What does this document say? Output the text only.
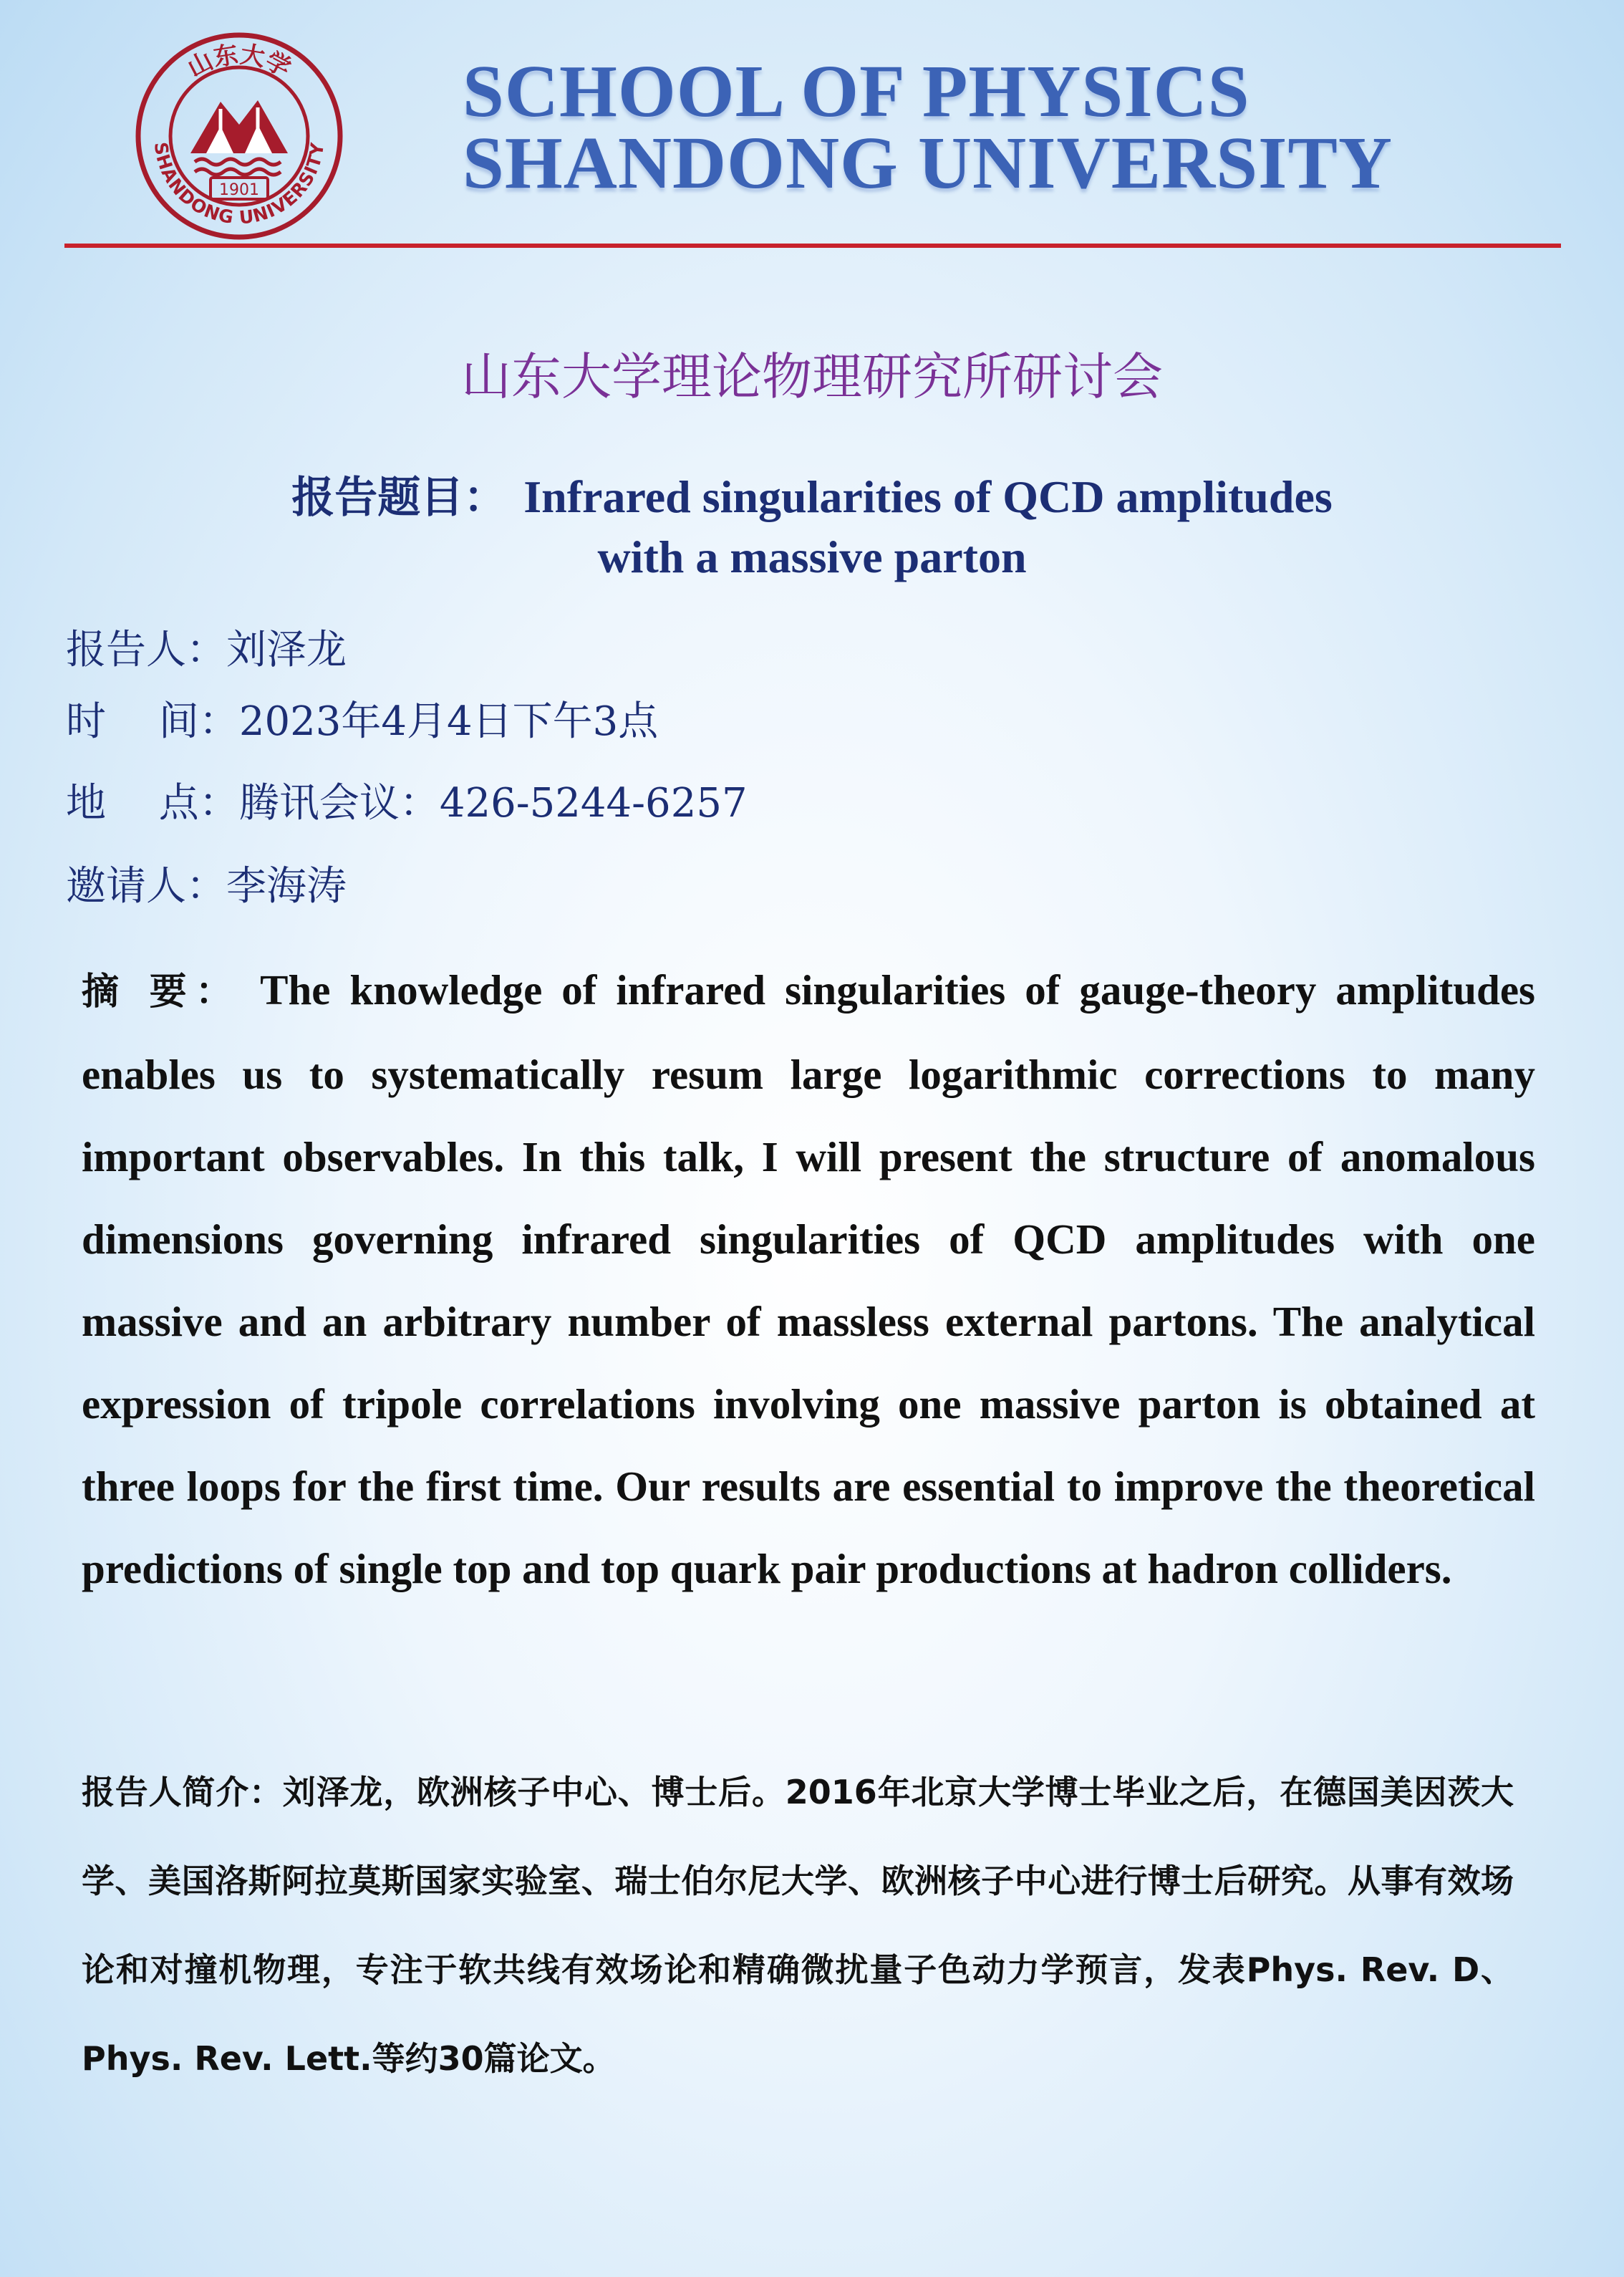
山东大学
SHANDONG UNIVERSITY
1901
SCHOOL OF PHYSICS
SHANDONG UNIVERSITY
山东大学理论物理研究所研讨会
报告题目： Infrared singularities of QCD amplitudes
with a massive parton
报告人：刘泽龙
时　 间：2023年4月4日下午3点
地　 点：腾讯会议：426-5244-6257
邀请人：李海涛
摘 要： The knowledge of infrared singularities of gauge-theory amplitudes enables us to systematically resum large logarithmic corrections to many important observables. In this talk, I will present the structure of anomalous dimensions governing infrared singularities of QCD amplitudes with one massive and an arbitrary number of massless external partons. The analytical expression of tripole correlations involving one massive parton is obtained at three loops for the first time. Our results are essential to improve the theoretical predictions of single top and top quark pair productions at hadron colliders.
报告人简介：刘泽龙，欧洲核子中心、博士后。2016年北京大学博士毕业之后，在德国美因茨大学、美国洛斯阿拉莫斯国家实验室、瑞士伯尔尼大学、欧洲核子中心进行博士后研究。从事有效场论和对撞机物理，专注于软共线有效场论和精确微扰量子色动力学预言，发表Phys. Rev. D、Phys. Rev. Lett.等约30篇论文。
